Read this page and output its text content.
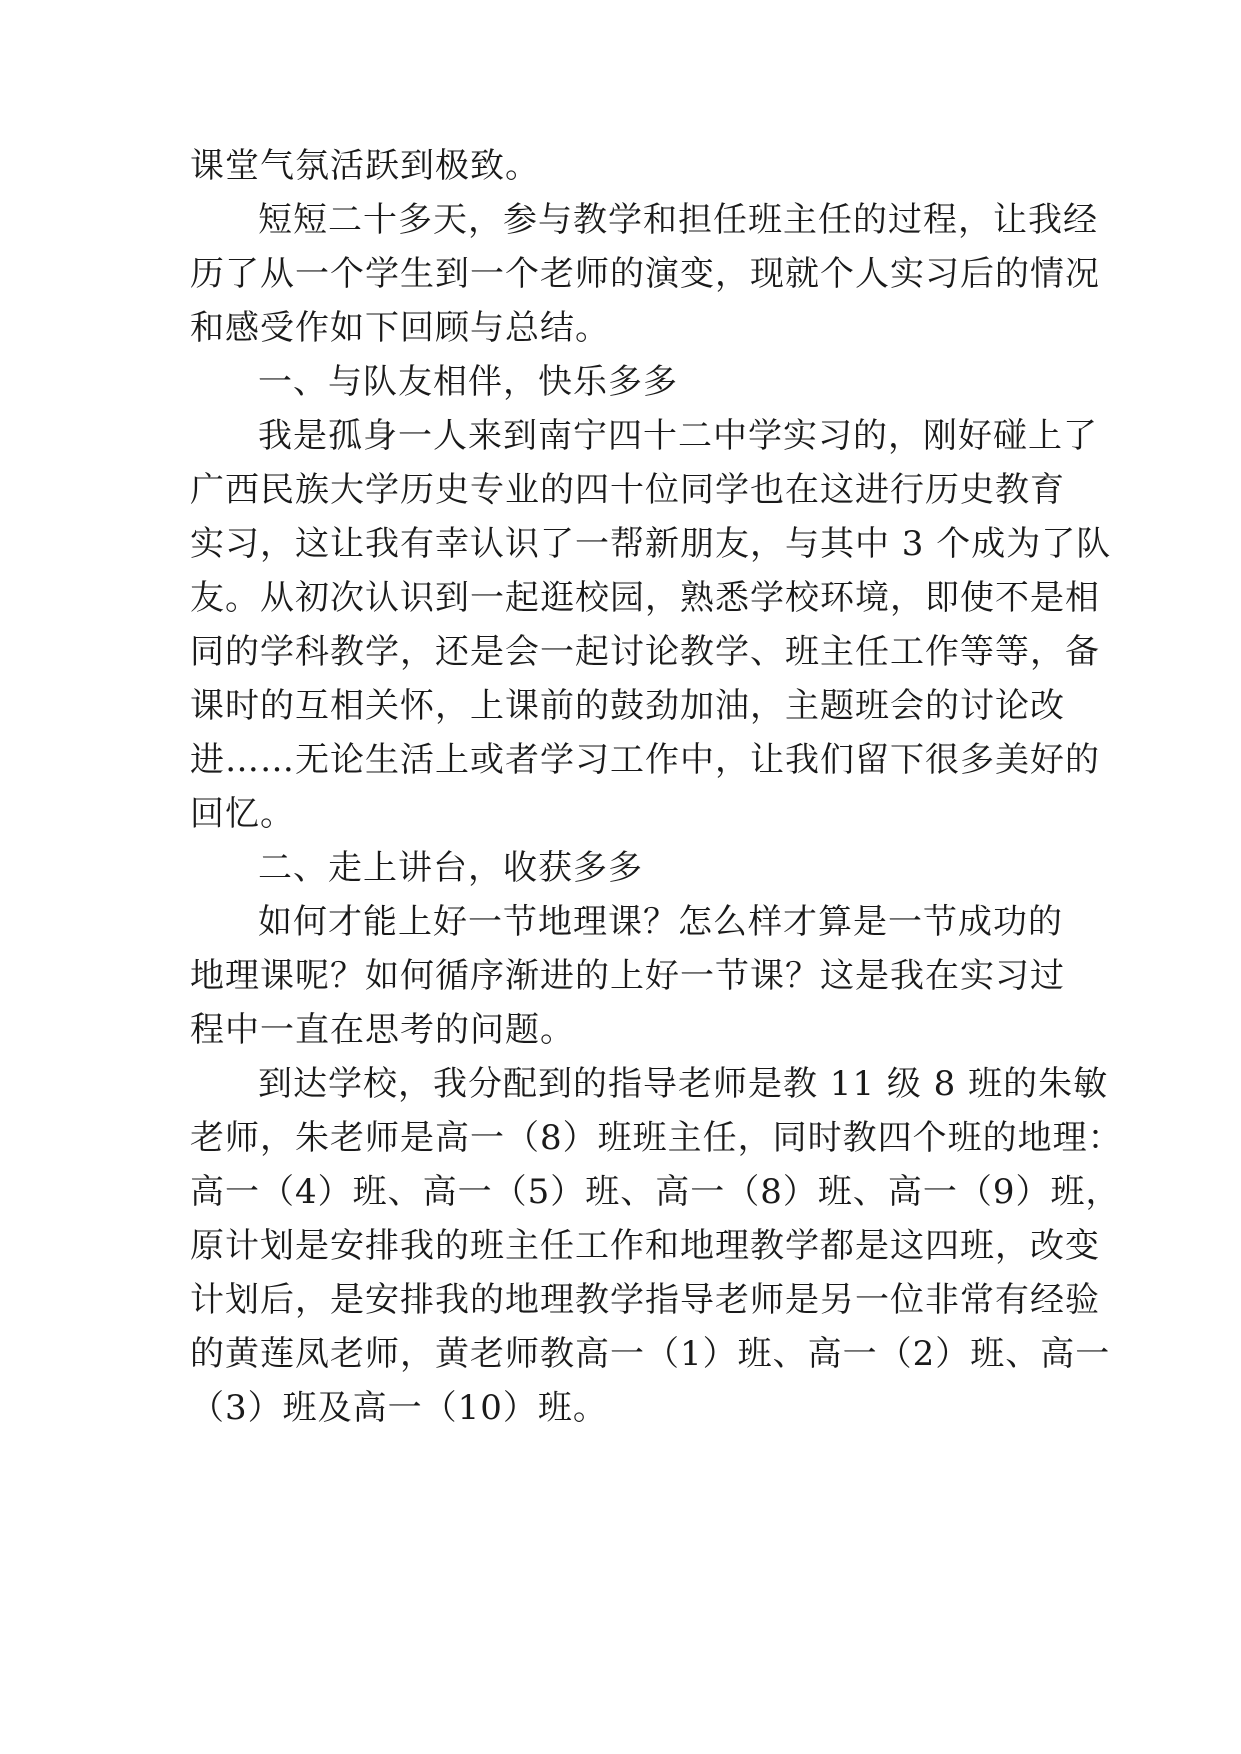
课堂气氛活跃到极致。

短短二十多天，参与教学和担任班主任的过程，让我经

历了从一个学生到一个老师的演变，现就个人实习后的情况

和感受作如下回顾与总结。

一、与队友相伴，快乐多多

我是孤身一人来到南宁四十二中学实习的，刚好碰上了

广西民族大学历史专业的四十位同学也在这进行历史教育

实习，这让我有幸认识了一帮新朋友，与其中 3 个成为了队

友。从初次认识到一起逛校园，熟悉学校环境，即使不是相

同的学科教学，还是会一起讨论教学、班主任工作等等，备

课时的互相关怀，上课前的鼓劲加油，主题班会的讨论改

进……无论生活上或者学习工作中，让我们留下很多美好的

回忆。

二、走上讲台，收获多多

如何才能上好一节地理课？怎么样才算是一节成功的

地理课呢？如何循序渐进的上好一节课？这是我在实习过

程中一直在思考的问题。

到达学校，我分配到的指导老师是教 11 级 8 班的朱敏

老师，朱老师是高一（8）班班主任，同时教四个班的地理：

高一（4）班、高一（5）班、高一（8）班、高一（9）班，

原计划是安排我的班主任工作和地理教学都是这四班，改变

计划后，是安排我的地理教学指导老师是另一位非常有经验

的黄莲凤老师，黄老师教高一（1）班、高一（2）班、高一

（3）班及高一（10）班。
